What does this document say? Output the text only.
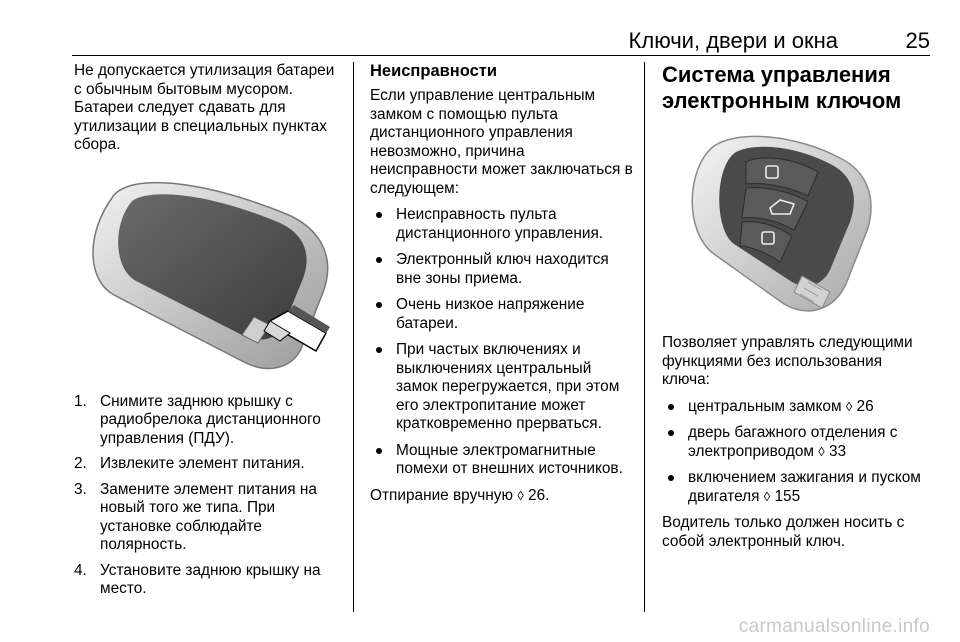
Ключи, двери и окна	25

Не допускается утилизация батареи с обычным бытовым мусором. Батареи следует сдавать для утилизации в специальных пунктах сбора.

1. Снимите заднюю крышку с радиобрелока дистанционного управления (ПДУ).
2. Извлеките элемент питания.
3. Замените элемент питания на новый того же типа. При установке соблюдайте полярность.
4. Установите заднюю крышку на место.
Неисправности

Если управление центральным замком с помощью пульта дистанционного управления невозможно, причина неисправности может заключаться в следующем:

Неисправность пульта дистанционного управления.
Электронный ключ находится вне зоны приема.
Очень низкое напряжение батареи.
При частых включениях и выключениях центральный замок перегружается, при этом его электропитание может кратковременно прерваться.
Мощные электромагнитные помехи от внешних источников.

Отпирание вручную ◊ 26.

Система управления электронным ключом

Позволяет управлять следующими функциями без использования ключа:

центральным замком ◊ 26
дверь багажного отделения с электроприводом ◊ 33
включением зажигания и пуском двигателя ◊ 155

Водитель только должен носить с собой электронный ключ.

carmanualsonline.info
